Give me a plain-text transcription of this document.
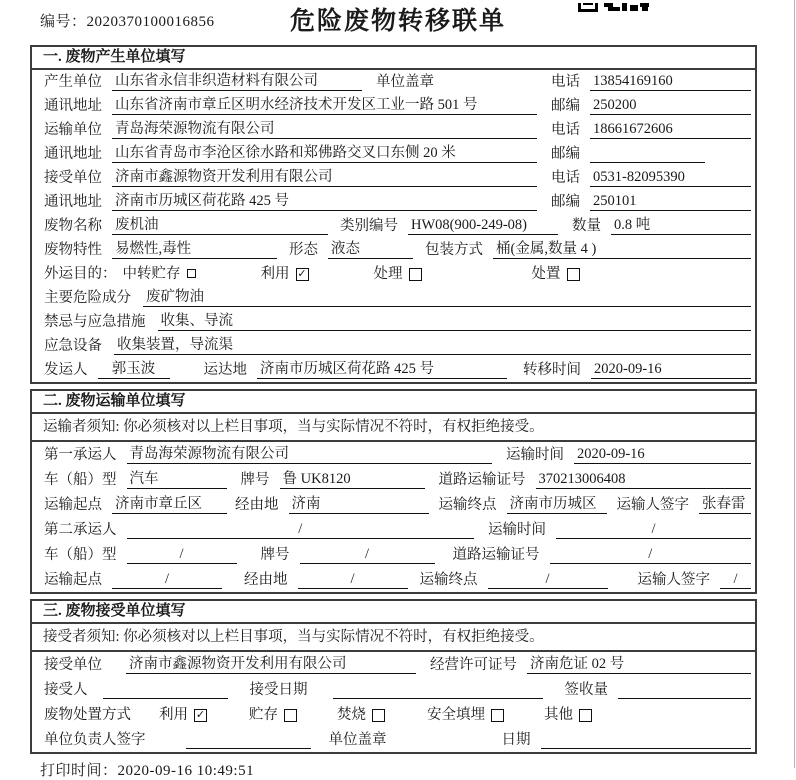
编号：2020370100016856	危险废物转移联单
一. 废物产生单位填写
产生单位 山东省永信非织造材料有限公司	单位盖章	电话 13854169160
通讯地址 山东省济南市章丘区明水经济技术开发区工业一路 501 号	邮编 250200
运输单位 青岛海荣源物流有限公司	电话 18661672606
通讯地址 山东省青岛市李沧区徐水路和郑佛路交叉口东侧 20 米	邮编
接受单位 济南市鑫源物资开发利用有限公司	电话 0531-82095390
通讯地址 济南市历城区荷花路 425 号	邮编 250101
废物名称 废机油	类别编号 HW08(900-249-08)	数量 0.8 吨
废物特性 易燃性,毒性	形态 液态	包装方式 桶(金属,数量 4 )
外运目的： 中转贮存	利用 ✓	处理	处置
主要危险成分 废矿物油
禁忌与应急措施 收集、导流
应急设备 收集装置，导流渠
发运人	郭玉波	运达地 济南市历城区荷花路 425 号	转移时间 2020-09-16
二. 废物运输单位填写
运输者须知: 你必须核对以上栏目事项，当与实际情况不符时，有权拒绝接受。
第一承运人 青岛海荣源物流有限公司	运输时间 2020-09-16
车（船）型 汽车	牌号 鲁 UK8120	道路运输证号 370213006408
运输起点 济南市章丘区	经由地 济南	运输终点 济南市历城区	运输人签字 张春雷
第二承运人	/	运输时间	/
车（船）型	/	牌号	/	道路运输证号	/
运输起点	/	经由地	/	运输终点	/	运输人签字	/
三. 废物接受单位填写
接受者须知: 你必须核对以上栏目事项，当与实际情况不符时，有权拒绝接受。
接受单位 济南市鑫源物资开发利用有限公司	经营许可证号 济南危证 02 号
接受人	接受日期	签收量
废物处置方式 利用 ✓	贮存	焚烧	安全填埋	其他
单位负责人签字	单位盖章	日期
打印时间：2020-09-16 10:49:51
